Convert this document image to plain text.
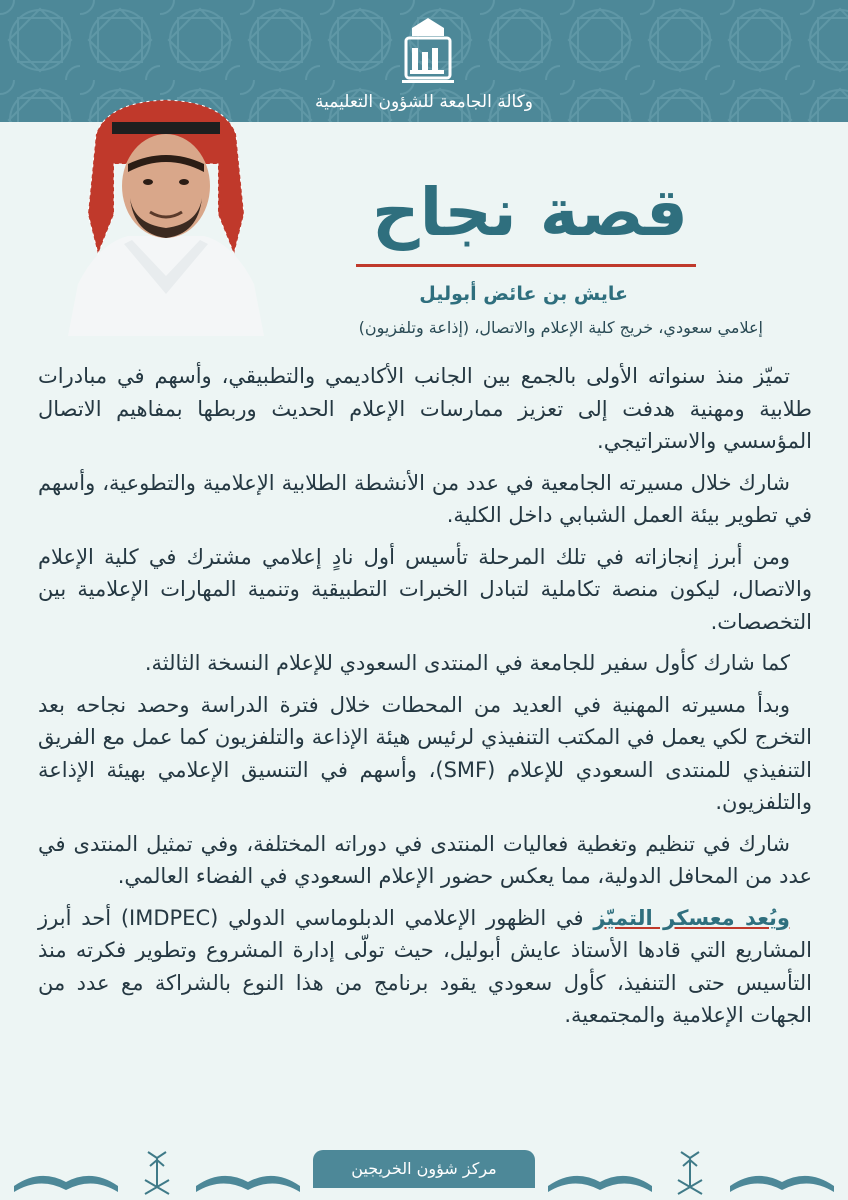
وكالة الجامعة للشؤون التعليمية
قصة نجاح
عايش بن عائض أبوليل
إعلامي سعودي، خريج كلية الإعلام والاتصال، (إذاعة وتلفزيون)

تميّز منذ سنواته الأولى بالجمع بين الجانب الأكاديمي والتطبيقي، وأسهم في مبادرات طلابية ومهنية هدفت إلى تعزيز ممارسات الإعلام الحديث وربطها بمفاهيم الاتصال المؤسسي والاستراتيجي.

شارك خلال مسيرته الجامعية في عدد من الأنشطة الطلابية الإعلامية والتطوعية، وأسهم في تطوير بيئة العمل الشبابي داخل الكلية.

ومن أبرز إنجازاته في تلك المرحلة تأسيس أول نادٍ إعلامي مشترك في كلية الإعلام والاتصال، ليكون منصة تكاملية لتبادل الخبرات التطبيقية وتنمية المهارات الإعلامية بين التخصصات.

كما شارك كأول سفير للجامعة في المنتدى السعودي للإعلام النسخة الثالثة.

وبدأ مسيرته المهنية في العديد من المحطات خلال فترة الدراسة وحصد نجاحه بعد التخرج لكي يعمل في المكتب التنفيذي لرئيس هيئة الإذاعة والتلفزيون كما عمل مع الفريق التنفيذي للمنتدى السعودي للإعلام (SMF)، وأسهم في التنسيق الإعلامي بهيئة الإذاعة والتلفزيون.

شارك في تنظيم وتغطية فعاليات المنتدى في دوراته المختلفة، وفي تمثيل المنتدى في عدد من المحافل الدولية، مما يعكس حضور الإعلام السعودي في الفضاء العالمي.

ويُعد معسكر التميّز في الظهور الإعلامي الدبلوماسي الدولي (IMDPEC) أحد أبرز المشاريع التي قادها الأستاذ عايش أبوليل، حيث تولّى إدارة المشروع وتطوير فكرته منذ التأسيس حتى التنفيذ، كأول سعودي يقود برنامج من هذا النوع بالشراكة مع عدد من الجهات الإعلامية والمجتمعية.

مركز شؤون الخريجين
